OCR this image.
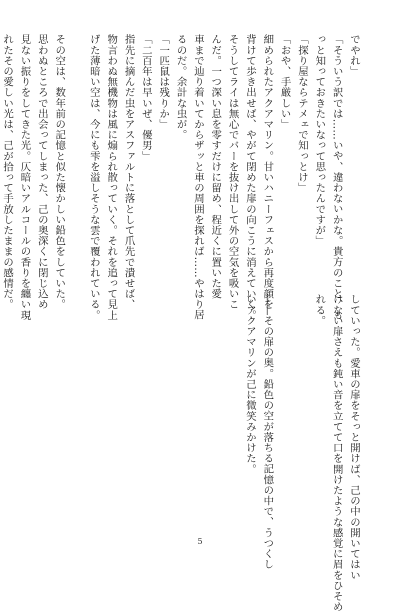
でやれ」
「そういう訳では……いや、違わないかな。貴方のこと、も
っと知っておきたいなって思ったんですが」
「探り屋ならテメェで知っとけ」
「おや、手厳しい」
細められたアクアマリン。甘いハニーフェスから再度顔を
背けて歩き出せば、やがて閉めた扉の向こうに消えていく。
そうしてライは無心でバーを抜け出して外の空気を吸いこ
んだ。一つ深い息を零すだけに留め、程近くに置いた愛
車まで辿り着いてからザッと車の周囲を探れば……やはり居
るのだ。余計な虫が。
「一匹鼠は残りか」
「二百年は早いぜ、優男」
指先に摘んだ虫をアスファルトに落として爪先で潰せば、
物言わぬ無機物は風に煽られ散っていく。それを追って見上
げた薄暗い空は、今にも雫を溢しそうな雲で覆われている。

その空は、数年前の記憶と似た懐かしい鉛色をしていた。
思わぬところで出会ってしまった、己の奥深くに閉じ込め
見ない振りをしてきた光。仄暗いアルコールの香りを纏い現
れたその愛しい光は、己が拾って手放したままの感情だ。
していった。愛車の扉をそっと開けば、己の中の開いてはい
けない扉さえも鈍い音を立てて口を開けたような感覚に眉をひそめ
れる。

――その扉の奥。鉛色の空が落ちる記憶の中で、うつくし
いアクアマリンが己に微笑みかけた。
5
